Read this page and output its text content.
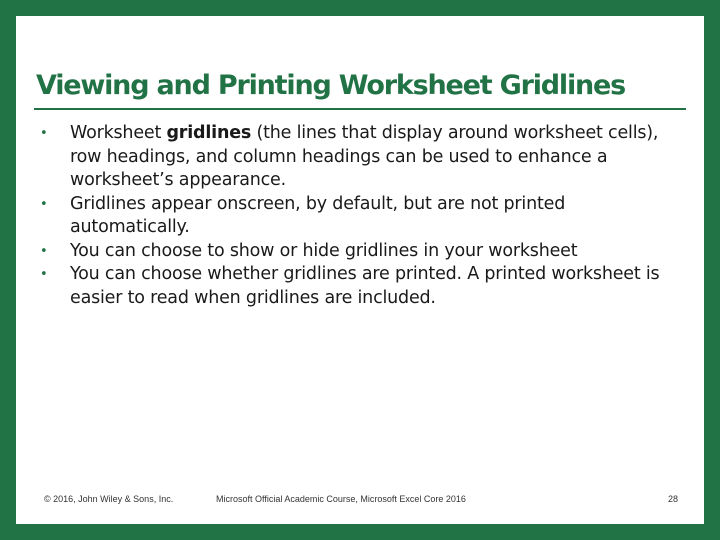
Viewing and Printing Worksheet Gridlines
• Worksheet gridlines (the lines that display around worksheet cells), row headings, and column headings can be used to enhance a worksheet’s appearance.
• Gridlines appear onscreen, by default, but are not printed automatically.
• You can choose to show or hide gridlines in your worksheet
• You can choose whether gridlines are printed. A printed worksheet is easier to read when gridlines are included.
© 2016, John Wiley & Sons, Inc.	Microsoft Official Academic Course, Microsoft Excel Core 2016	28
